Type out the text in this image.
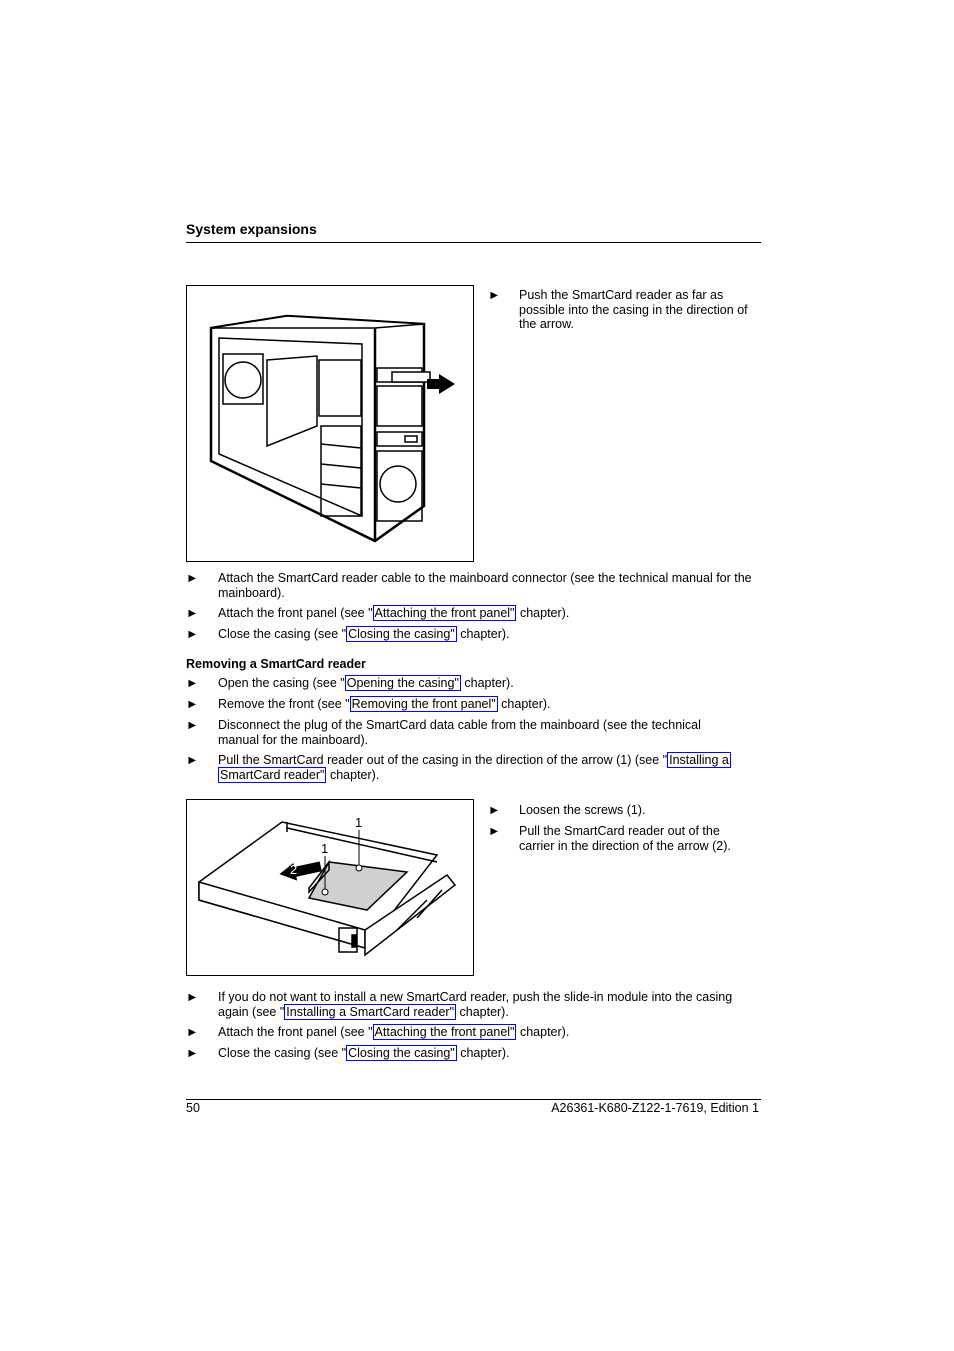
System expansions
► Push the SmartCard reader as far as possible into the casing in the direction of the arrow.
► Attach the SmartCard reader cable to the mainboard connector (see the technical manual for the mainboard).
► Attach the front panel (see " Attaching the front panel" chapter).
► Close the casing (see " Closing the casing" chapter).
Removing a SmartCard reader
► Open the casing (see " Opening the casing" chapter).
► Remove the front (see " Removing the front panel" chapter).
► Disconnect the plug of the SmartCard data cable from the mainboard (see the technical manual for the mainboard).
► Pull the SmartCard reader out of the casing in the direction of the arrow (1) (see " Installing a
SmartCard reader" chapter).
1
1
2
► Loosen the screws (1).
► Pull the SmartCard reader out of the carrier in the direction of the arrow (2).
► If you do not want to install a new SmartCard reader, push the slide-in module into the casing again (see " Installing a SmartCard reader" chapter).
► Attach the front panel (see " Attaching the front panel" chapter).
► Close the casing (see " Closing the casing" chapter).
50	A26361-K680-Z122-1-7619, Edition 1
